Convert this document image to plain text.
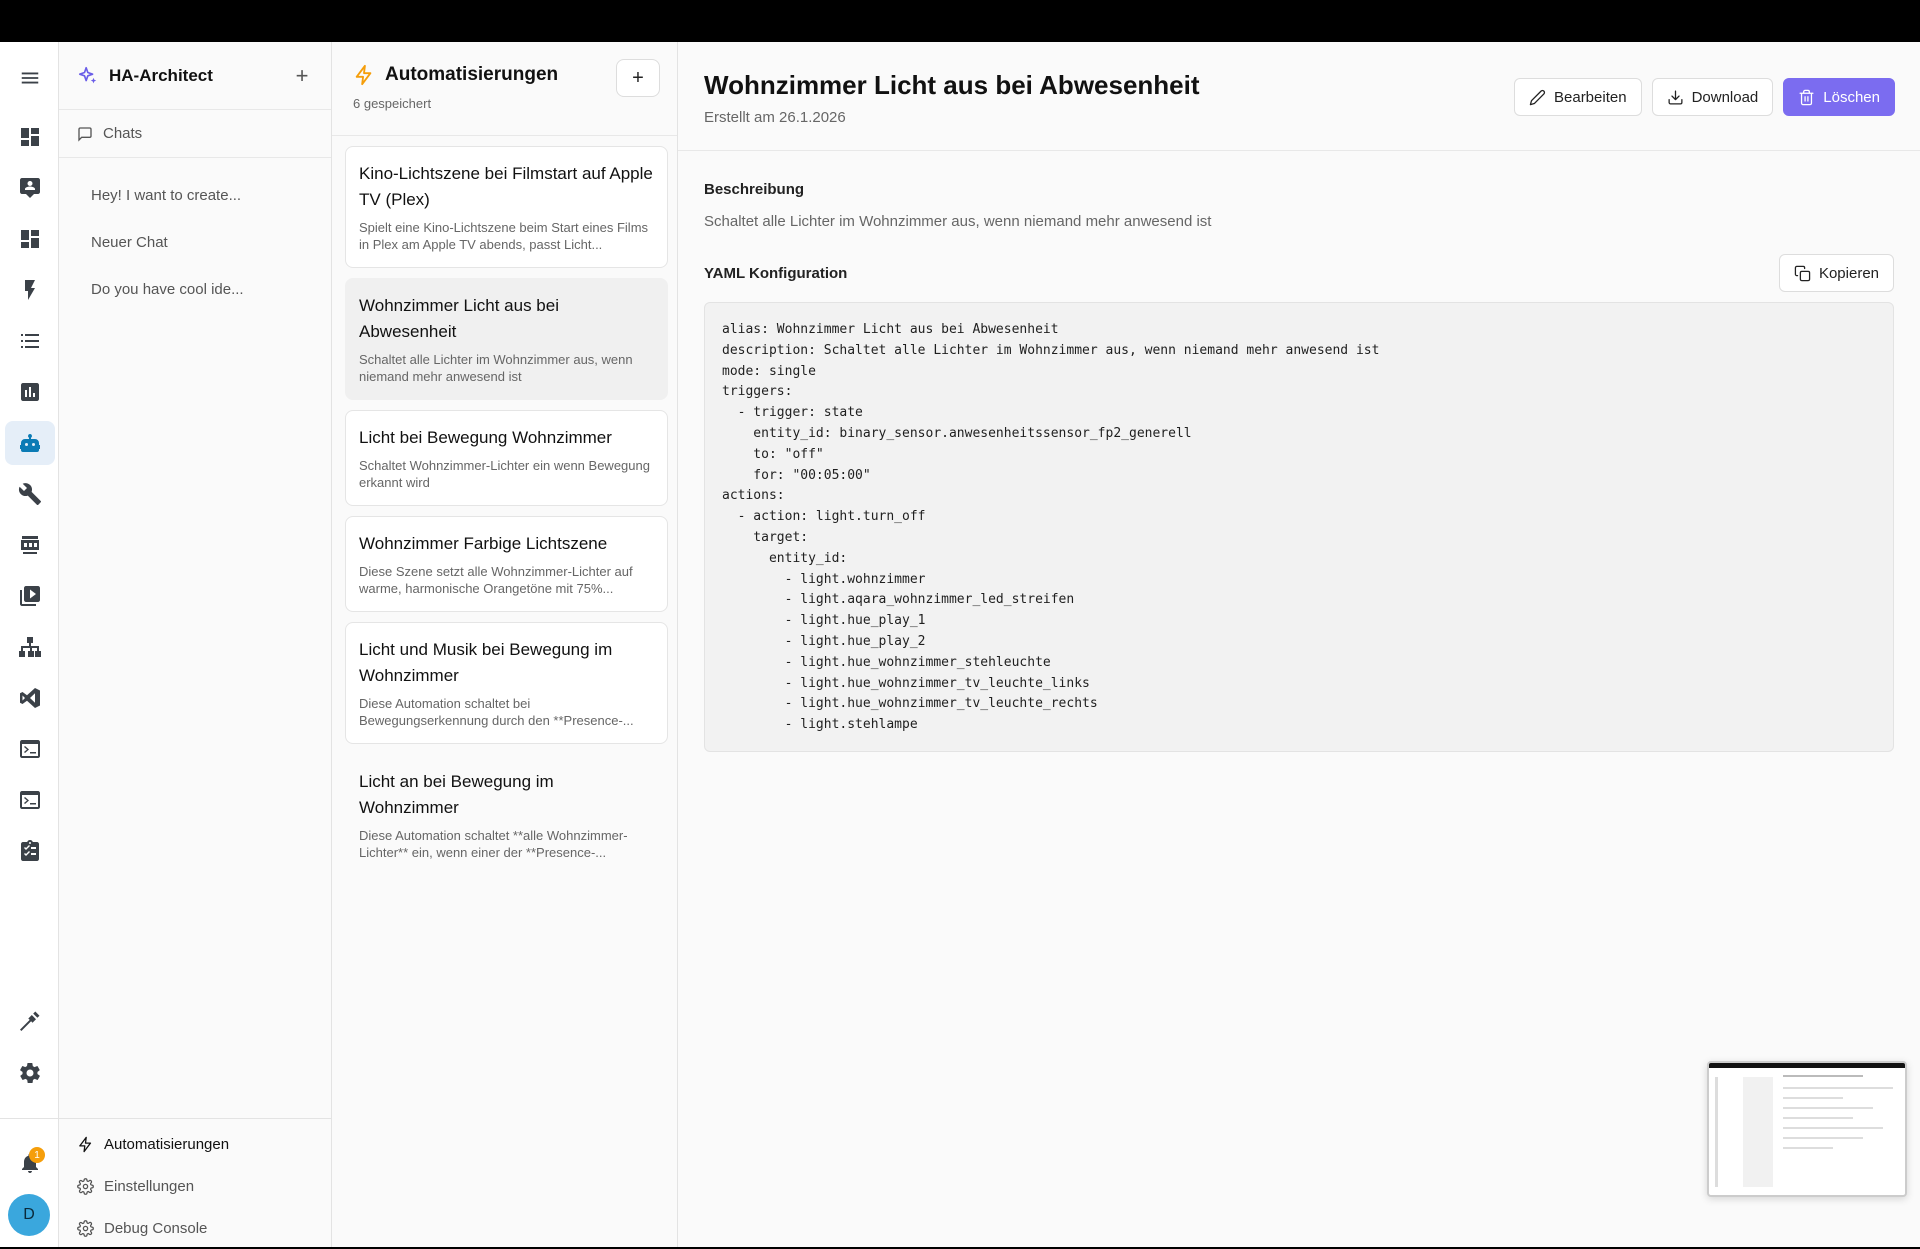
1
D
HA-Architect	+
Chats
Hey! I want to create...
Neuer Chat
Do you have cool ide...
Automatisierungen
Einstellungen
Debug Console
Automatisierungen
6 gespeichert
+
Kino-Lichtszene bei Filmstart auf Apple TV (Plex)
Spielt eine Kino-Lichtszene beim Start eines Films in Plex am Apple TV abends, passt Licht...
Wohnzimmer Licht aus bei Abwesenheit
Schaltet alle Lichter im Wohnzimmer aus, wenn niemand mehr anwesend ist
Licht bei Bewegung Wohnzimmer
Schaltet Wohnzimmer-Lichter ein wenn Bewegung erkannt wird
Wohnzimmer Farbige Lichtszene
Diese Szene setzt alle Wohnzimmer-Lichter auf warme, harmonische Orangetöne mit 75%...
Licht und Musik bei Bewegung im Wohnzimmer
Diese Automation schaltet bei Bewegungserkennung durch den **Presence-...
Licht an bei Bewegung im Wohnzimmer
Diese Automation schaltet **alle Wohnzimmer-Lichter** ein, wenn einer der **Presence-...
Wohnzimmer Licht aus bei Abwesenheit
Erstellt am 26.1.2026
Bearbeiten	Download	Löschen
Beschreibung
Schaltet alle Lichter im Wohnzimmer aus, wenn niemand mehr anwesend ist
YAML Konfiguration	Kopieren
alias: Wohnzimmer Licht aus bei Abwesenheit
description: Schaltet alle Lichter im Wohnzimmer aus, wenn niemand mehr anwesend ist
mode: single
triggers:
- trigger: state
entity_id: binary_sensor.anwesenheitssensor_fp2_generell
to: "off"
for: "00:05:00"
actions:
- action: light.turn_off
target:
entity_id:
- light.wohnzimmer
- light.aqara_wohnzimmer_led_streifen
- light.hue_play_1
- light.hue_play_2
- light.hue_wohnzimmer_stehleuchte
- light.hue_wohnzimmer_tv_leuchte_links
- light.hue_wohnzimmer_tv_leuchte_rechts
- light.stehlampe
